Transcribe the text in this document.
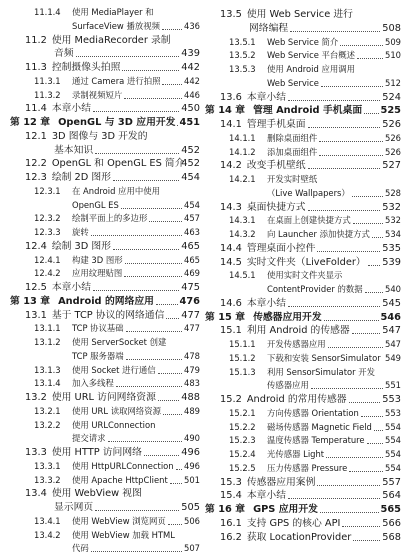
11.1.4 使用 MediaPlayer 和
SurfaceView 播放视频	436
11.2 使用 MediaRecorder 录制
音频	439
11.3 控制摄像头拍照	442
11.3.1 通过 Camera 进行拍照	442
11.3.2 录制视频短片	446
11.4 本章小结	450
第 12 章 OpenGL 与 3D 应用开发 451
12.1 3D 图像与 3D 开发的
基本知识	452
12.2 OpenGL 和 OpenGL ES 简介
452
12.3 绘制 2D 图形	454
12.3.1 在 Android 应用中使用
OpenGL ES	454
12.3.2 绘制平面上的多边形	457
12.3.3 旋转	463
12.4 绘制 3D 图形	465
12.4.1 构建 3D 图形	465
12.4.2 应用纹理贴图	469
12.5 本章小结	475
第 13 章 Android 的网络应用	476
13.1 基于 TCP 协议的网络通信 477
13.1.1 TCP 协议基础	477
13.1.2 使用 ServerSocket 创建
TCP 服务器端	478
13.1.3 使用 Socket 进行通信	479
13.1.4 加入多线程	483
13.2 使用 URL 访问网络资源	488
13.2.1 使用 URL 读取网络资源	489
13.2.2 使用 URLConnection
提交请求	490
13.3 使用 HTTP 访问网络	496
13.3.1 使用 HttpURLConnection 496
13.3.2 使用 Apache HttpClient 501
13.4 使用 WebView 视图
显示网页	505
13.4.1 使用 WebView 浏览网页 506
13.4.2 使用 WebView 加载 HTML
代码	507
13.5 使用 Web Service 进行
网络编程	508
13.5.1 Web Service 简介	509
13.5.2 Web Service 平台概述	510
13.5.3 使用 Android 应用调用
Web Service	512
13.6 本章小结	524
第 14 章 管理 Android 手机桌面 525
14.1 管理手机桌面	526
14.1.1 删除桌面组件	526
14.1.2 添加桌面组件	526
14.2 改变手机壁纸	527
14.2.1 开发实时壁纸
（Live Wallpapers）	528
14.3 桌面快捷方式	532
14.3.1 在桌面上创建快捷方式	532
14.3.2 向 Launcher 添加快捷方式 534
14.4 管理桌面小控件	535
14.5 实时文件夹（LiveFolder） 539
14.5.1 使用实时文件夹显示
ContentProvider 的数据	540
14.6 本章小结	545
第 15 章 传感器应用开发	546
15.1 利用 Android 的传感器	547
15.1.1 开发传感器应用	547
15.1.2 下载和安装 SensorSimulator 549
15.1.3 利用 SensorSimulator 开发
传感器应用	551
15.2 Android 的常用传感器	553
15.2.1 方向传感器 Orientation	553
15.2.2 磁场传感器 Magnetic Field 554
15.2.3 温度传感器 Temperature 554
15.2.4 光传感器 Light	554
15.2.5 压力传感器 Pressure	554
15.3 传感器应用案例	557
15.4 本章小结	564
第 16 章 GPS 应用开发	565
16.1 支持 GPS 的核心 API	566
16.2 获取 LocationProvider	568
